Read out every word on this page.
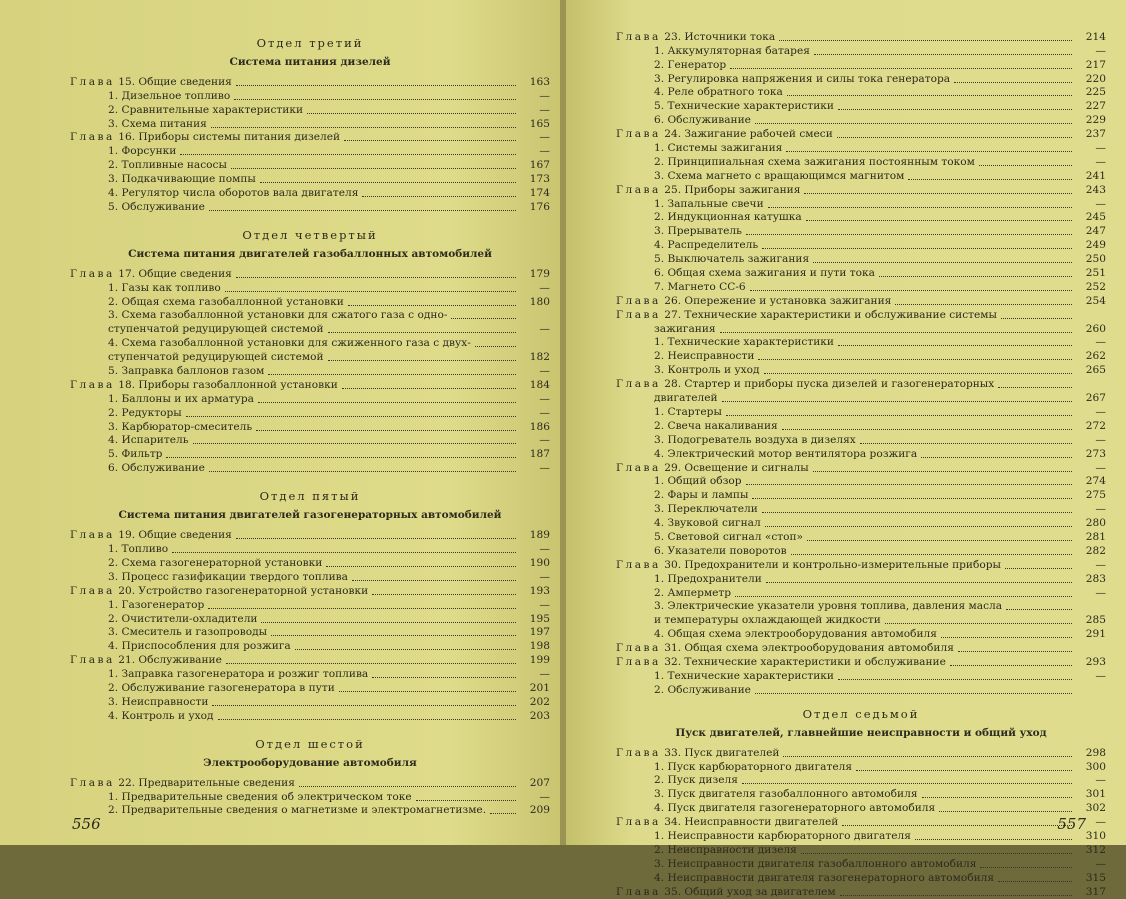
Отдел третий
Система питания дизелей
Глава 15. Общие сведения	163
1. Дизельное топливо	—
2. Сравнительные характеристики	—
3. Схема питания	165
Глава 16. Приборы системы питания дизелей	—
1. Форсунки	—
2. Топливные насосы	167
3. Подкачивающие помпы	173
4. Регулятор числа оборотов вала двигателя	174
5. Обслуживание	176
Отдел четвертый
Система питания двигателей газобаллонных автомобилей
Глава 17. Общие сведения	179
1. Газы как топливо	—
2. Общая схема газобаллонной установки	180
3. Схема газобаллонной установки для сжатого газа с одно-
ступенчатой редуцирующей системой	—
4. Схема газобаллонной установки для сжиженного газа с двух-
ступенчатой редуцирующей системой	182
5. Заправка баллонов газом	—
Глава 18. Приборы газобаллонной установки	184
1. Баллоны и их арматура	—
2. Редукторы	—
3. Карбюратор-смеситель	186
4. Испаритель	—
5. Фильтр	187
6. Обслуживание	—
Отдел пятый
Система питания двигателей газогенераторных автомобилей
Глава 19. Общие сведения	189
1. Топливо	—
2. Схема газогенераторной установки	190
3. Процесс газификации твердого топлива	—
Глава 20. Устройство газогенераторной установки	193
1. Газогенератор	—
2. Очистители-охладители	195
3. Смеситель и газопроводы	197
4. Приспособления для розжига	198
Глава 21. Обслуживание	199
1. Заправка газогенератора и розжиг топлива	—
2. Обслуживание газогенератора в пути	201
3. Неисправности	202
4. Контроль и уход	203
Отдел шестой
Электрооборудование автомобиля
Глава 22. Предварительные сведения	207
1. Предварительные сведения об электрическом токе	—
2. Предварительные сведения о магнетизме и электромагнетизме.	209
556
Глава 23. Источники тока	214
1. Аккумуляторная батарея	—
2. Генератор	217
3. Регулировка напряжения и силы тока генератора	220
4. Реле обратного тока	225
5. Технические характеристики	227
6. Обслуживание	229
Глава 24. Зажигание рабочей смеси	237
1. Системы зажигания	—
2. Принципиальная схема зажигания постоянным током	—
3. Схема магнето с вращающимся магнитом	241
Глава 25. Приборы зажигания	243
1. Запальные свечи	—
2. Индукционная катушка	245
3. Прерыватель	247
4. Распределитель	249
5. Выключатель зажигания	250
6. Общая схема зажигания и пути тока	251
7. Магнето СС-6	252
Глава 26. Опережение и установка зажигания	254
Глава 27. Технические характеристики и обслуживание системы
зажигания	260
1. Технические характеристики	—
2. Неисправности	262
3. Контроль и уход	265
Глава 28. Стартер и приборы пуска дизелей и газогенераторных
двигателей	267
1. Стартеры	—
2. Свеча накаливания	272
3. Подогреватель воздуха в дизелях	—
4. Электрический мотор вентилятора розжига	273
Глава 29. Освещение и сигналы	—
1. Общий обзор	274
2. Фары и лампы	275
3. Переключатели	—
4. Звуковой сигнал	280
5. Световой сигнал «стоп»	281
6. Указатели поворотов	282
Глава 30. Предохранители и контрольно-измерительные приборы	—
1. Предохранители	283
2. Амперметр	—
3. Электрические указатели уровня топлива, давления масла
и температуры охлаждающей жидкости	285
4. Общая схема электрооборудования автомобиля	291
Глава 31. Общая схема электрооборудования автомобиля
Глава 32. Технические характеристики и обслуживание	293
1. Технические характеристики	—
2. Обслуживание
Отдел седьмой
Пуск двигателей, главнейшие неисправности и общий уход
Глава 33. Пуск двигателей	298
1. Пуск карбюраторного двигателя	300
2. Пуск дизеля	—
3. Пуск двигателя газобаллонного автомобиля	301
4. Пуск двигателя газогенераторного автомобиля	302
Глава 34. Неисправности двигателей	—
1. Неисправности карбюраторного двигателя	310
2. Неисправности дизеля	312
3. Неисправности двигателя газобаллонного автомобиля	—
4. Неисправности двигателя газогенераторного автомобиля	315
Глава 35. Общий уход за двигателем	317
557
